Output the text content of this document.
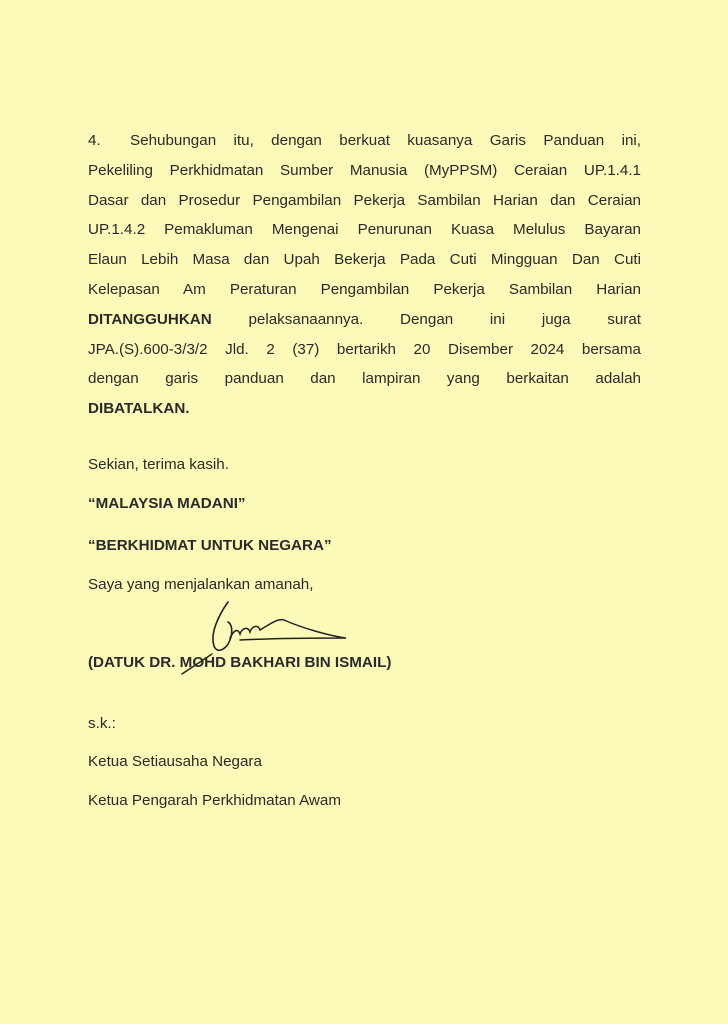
4. Sehubungan itu, dengan berkuat kuasanya Garis Panduan ini,
Pekeliling Perkhidmatan Sumber Manusia (MyPPSM) Ceraian UP.1.4.1
Dasar dan Prosedur Pengambilan Pekerja Sambilan Harian dan Ceraian
UP.1.4.2 Pemakluman Mengenai Penurunan Kuasa Melulus Bayaran
Elaun Lebih Masa dan Upah Bekerja Pada Cuti Mingguan Dan Cuti
Kelepasan Am Peraturan Pengambilan Pekerja Sambilan Harian
DITANGGUHKAN pelaksanaannya. Dengan ini juga surat
JPA.(S).600-3/3/2 Jld. 2 (37) bertarikh 20 Disember 2024 bersama
dengan garis panduan dan lampiran yang berkaitan adalah
DIBATALKAN.
Sekian, terima kasih.
“MALAYSIA MADANI”
“BERKHIDMAT UNTUK NEGARA”
Saya yang menjalankan amanah,
(DATUK DR. MOHD BAKHARI BIN ISMAIL)
s.k.:
Ketua Setiausaha Negara
Ketua Pengarah Perkhidmatan Awam
